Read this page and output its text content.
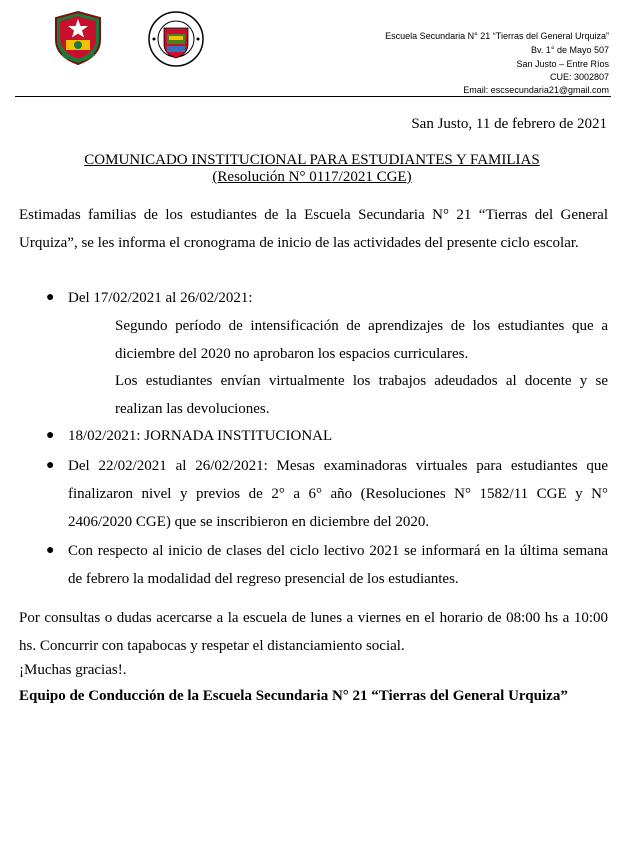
Escuela Secundaria N° 21 “Tierras del General Urquiza”
Bv. 1° de Mayo 507
San Justo – Entre Ríos
CUE: 3002807
Email: escsecundaria21@gmail.com
San Justo, 11 de febrero de 2021
COMUNICADO INSTITUCIONAL PARA ESTUDIANTES Y FAMILIAS
(Resolución N° 0117/2021 CGE)
Estimadas familias de los estudiantes de la Escuela Secundaria N° 21 “Tierras del General Urquiza”, se les informa el cronograma de inicio de las actividades del presente ciclo escolar.
● Del 17/02/2021 al 26/02/2021:
Segundo período de intensificación de aprendizajes de los estudiantes que a diciembre del 2020 no aprobaron los espacios curriculares.
Los estudiantes envían virtualmente los trabajos adeudados al docente y se realizan las devoluciones.
● 18/02/2021: JORNADA INSTITUCIONAL
● Del 22/02/2021 al 26/02/2021: Mesas examinadoras virtuales para estudiantes que finalizaron nivel y previos de 2° a 6° año (Resoluciones N° 1582/11 CGE y N° 2406/2020 CGE) que se inscribieron en diciembre del 2020.
● Con respecto al inicio de clases del ciclo lectivo 2021 se informará en la última semana de febrero la modalidad del regreso presencial de los estudiantes.
Por consultas o dudas acercarse a la escuela de lunes a viernes en el horario de 08:00 hs a 10:00 hs. Concurrir con tapabocas y respetar el distanciamiento social.
¡Muchas gracias!.
Equipo de Conducción de la Escuela Secundaria N° 21 “Tierras del General Urquiza”
